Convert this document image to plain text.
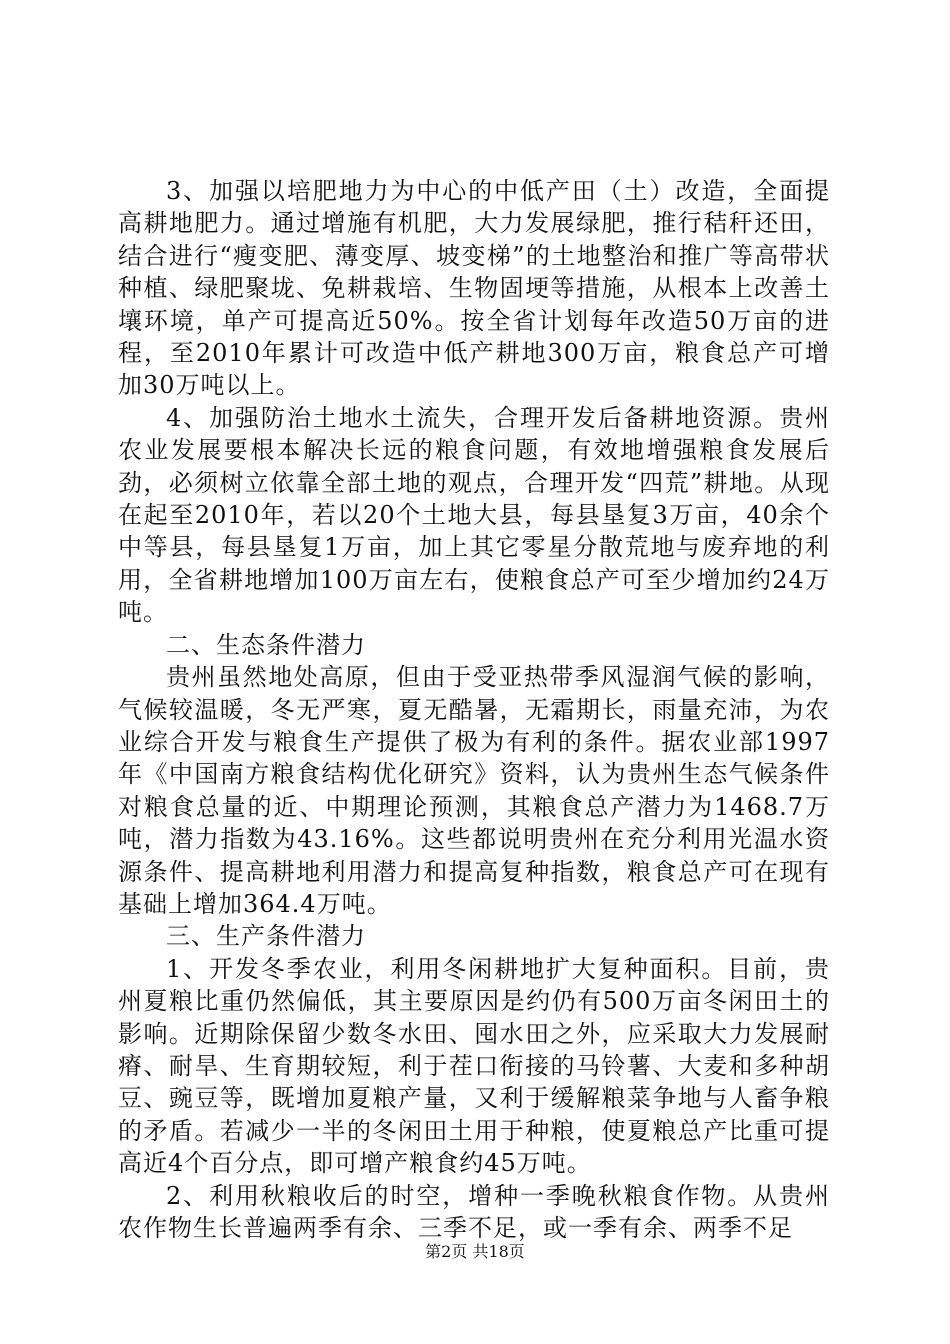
3、加强以培肥地力为中心的中低产田（土）改造，全面提高耕地肥力。通过增施有机肥，大力发展绿肥，推行秸秆还田，结合进行“瘦变肥、薄变厚、坡变梯”的土地整治和推广等高带状种植、绿肥聚垅、免耕栽培、生物固埂等措施，从根本上改善土壤环境，单产可提高近50%。按全省计划每年改造50万亩的进程，至2010年累计可改造中低产耕地300万亩，粮食总产可增加30万吨以上。

4、加强防治土地水土流失，合理开发后备耕地资源。贵州农业发展要根本解决长远的粮食问题，有效地增强粮食发展后劲，必须树立依靠全部土地的观点，合理开发“四荒”耕地。从现在起至2010年，若以20个土地大县，每县垦复3万亩，40余个中等县，每县垦复1万亩，加上其它零星分散荒地与废弃地的利用，全省耕地增加100万亩左右，使粮食总产可至少增加约24万吨。

二、生态条件潜力

贵州虽然地处高原，但由于受亚热带季风湿润气候的影响，气候较温暖，冬无严寒，夏无酷暑，无霜期长，雨量充沛，为农业综合开发与粮食生产提供了极为有利的条件。据农业部1997年《中国南方粮食结构优化研究》资料，认为贵州生态气候条件对粮食总量的近、中期理论预测，其粮食总产潜力为1468.7万吨，潜力指数为43.16%。这些都说明贵州在充分利用光温水资源条件、提高耕地利用潜力和提高复种指数，粮食总产可在现有基础上增加364.4万吨。

三、生产条件潜力

1、开发冬季农业，利用冬闲耕地扩大复种面积。目前，贵州夏粮比重仍然偏低，其主要原因是约仍有500万亩冬闲田土的影响。近期除保留少数冬水田、囤水田之外，应采取大力发展耐瘠、耐旱、生育期较短，利于茬口衔接的马铃薯、大麦和多种胡豆、豌豆等，既增加夏粮产量，又利于缓解粮菜争地与人畜争粮的矛盾。若减少一半的冬闲田土用于种粮，使夏粮总产比重可提高近4个百分点，即可增产粮食约45万吨。

2、利用秋粮收后的时空，增种一季晚秋粮食作物。从贵州农作物生长普遍两季有余、三季不足，或一季有余、两季不足

第2页 共18页
